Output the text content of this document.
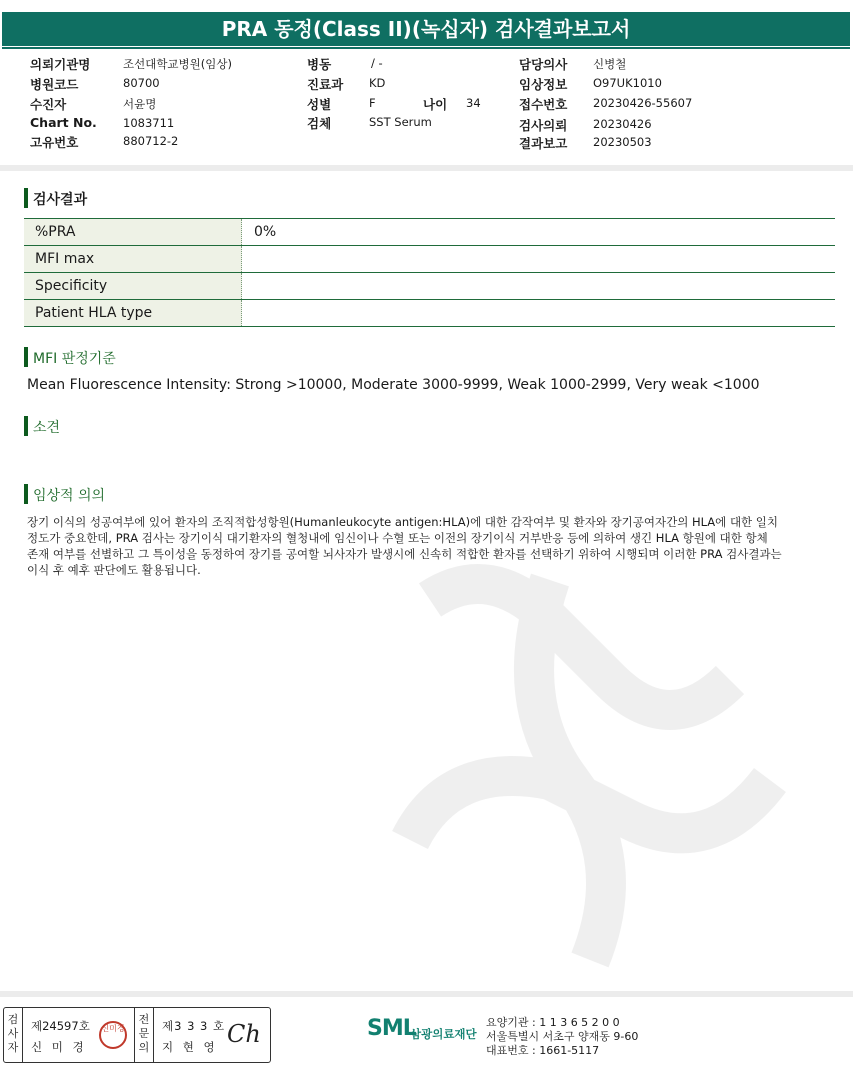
PRA 동정(Class II)(녹십자) 검사결과보고서
의뢰기관명	조선대학교병원(임상)
병원코드	80700
수진자	서윤명
Chart No. 1083711
고유번호	880712-2
병동	/ -
진료과 KD
성별	F	나이 34
검체	SST Serum
담당의사 신병철
임상정보 O97UK1010
접수번호 20230426-55607
검사의뢰 20230426
결과보고 20230503
검사결과
%PRA	0%
MFI max	
Specificity	
Patient HLA type	
MFI 판정기준
Mean Fluorescence Intensity: Strong >10000, Moderate 3000-9999, Weak 1000-2999, Very weak <1000
소견
임상적 의의
장기 이식의 성공여부에 있어 환자의 조직적합성항원(Humanleukocyte antigen:HLA)에 대한 감작여부 및 환자와 장기공여자간의 HLA에 대한 일치
정도가 중요한데, PRA 검사는 장기이식 대기환자의 혈청내에 임신이나 수혈 또는 이전의 장기이식 거부반응 등에 의하여 생긴 HLA 항원에 대한 항체
존재 여부를 선별하고 그 특이성을 동정하여 장기를 공여할 뇌사자가 발생시에 신속히 적합한 환자를 선택하기 위하여 시행되며 이러한 PRA 검사결과는
이식 후 예후 판단에도 활용됩니다.
검사자
제24597호
신 미 경
전문의
제3 3 3 호
지 현 영 Ch
신미경	SML
삼광의료재단
요양기관 : 1 1 3 6 5 2 0 0
서울특별시 서초구 양재동 9-60
대표번호 : 1661-5117
